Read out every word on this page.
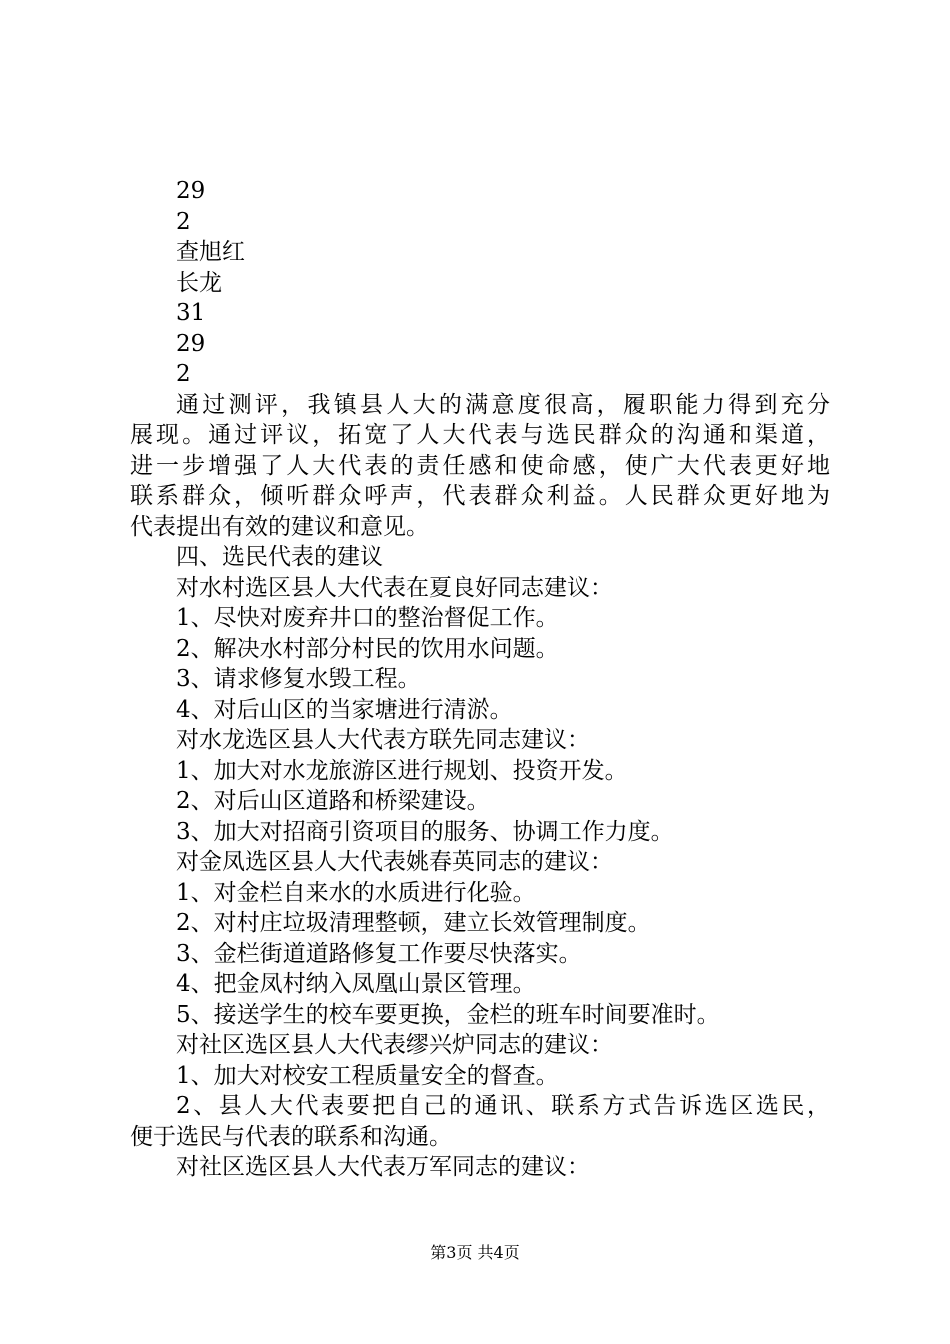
29
2
查旭红
长龙
31
29
2
通过测评，我镇县人大的满意度很高，履职能力得到充分
展现。通过评议，拓宽了人大代表与选民群众的沟通和渠道，
进一步增强了人大代表的责任感和使命感，使广大代表更好地
联系群众，倾听群众呼声，代表群众利益。人民群众更好地为
代表提出有效的建议和意见。
四、选民代表的建议
对水村选区县人大代表在夏良好同志建议：
1、尽快对废弃井口的整治督促工作。
2、解决水村部分村民的饮用水问题。
3、请求修复水毁工程。
4、对后山区的当家塘进行清淤。
对水龙选区县人大代表方联先同志建议：
1、加大对水龙旅游区进行规划、投资开发。
2、对后山区道路和桥梁建设。
3、加大对招商引资项目的服务、协调工作力度。
对金凤选区县人大代表姚春英同志的建议：
1、对金栏自来水的水质进行化验。
2、对村庄垃圾清理整顿，建立长效管理制度。
3、金栏街道道路修复工作要尽快落实。
4、把金凤村纳入凤凰山景区管理。
5、接送学生的校车要更换，金栏的班车时间要准时。
对社区选区县人大代表缪兴炉同志的建议：
1、加大对校安工程质量安全的督查。
2、县人大代表要把自己的通讯、联系方式告诉选区选民，
便于选民与代表的联系和沟通。
对社区选区县人大代表万军同志的建议：
第3页 共4页
